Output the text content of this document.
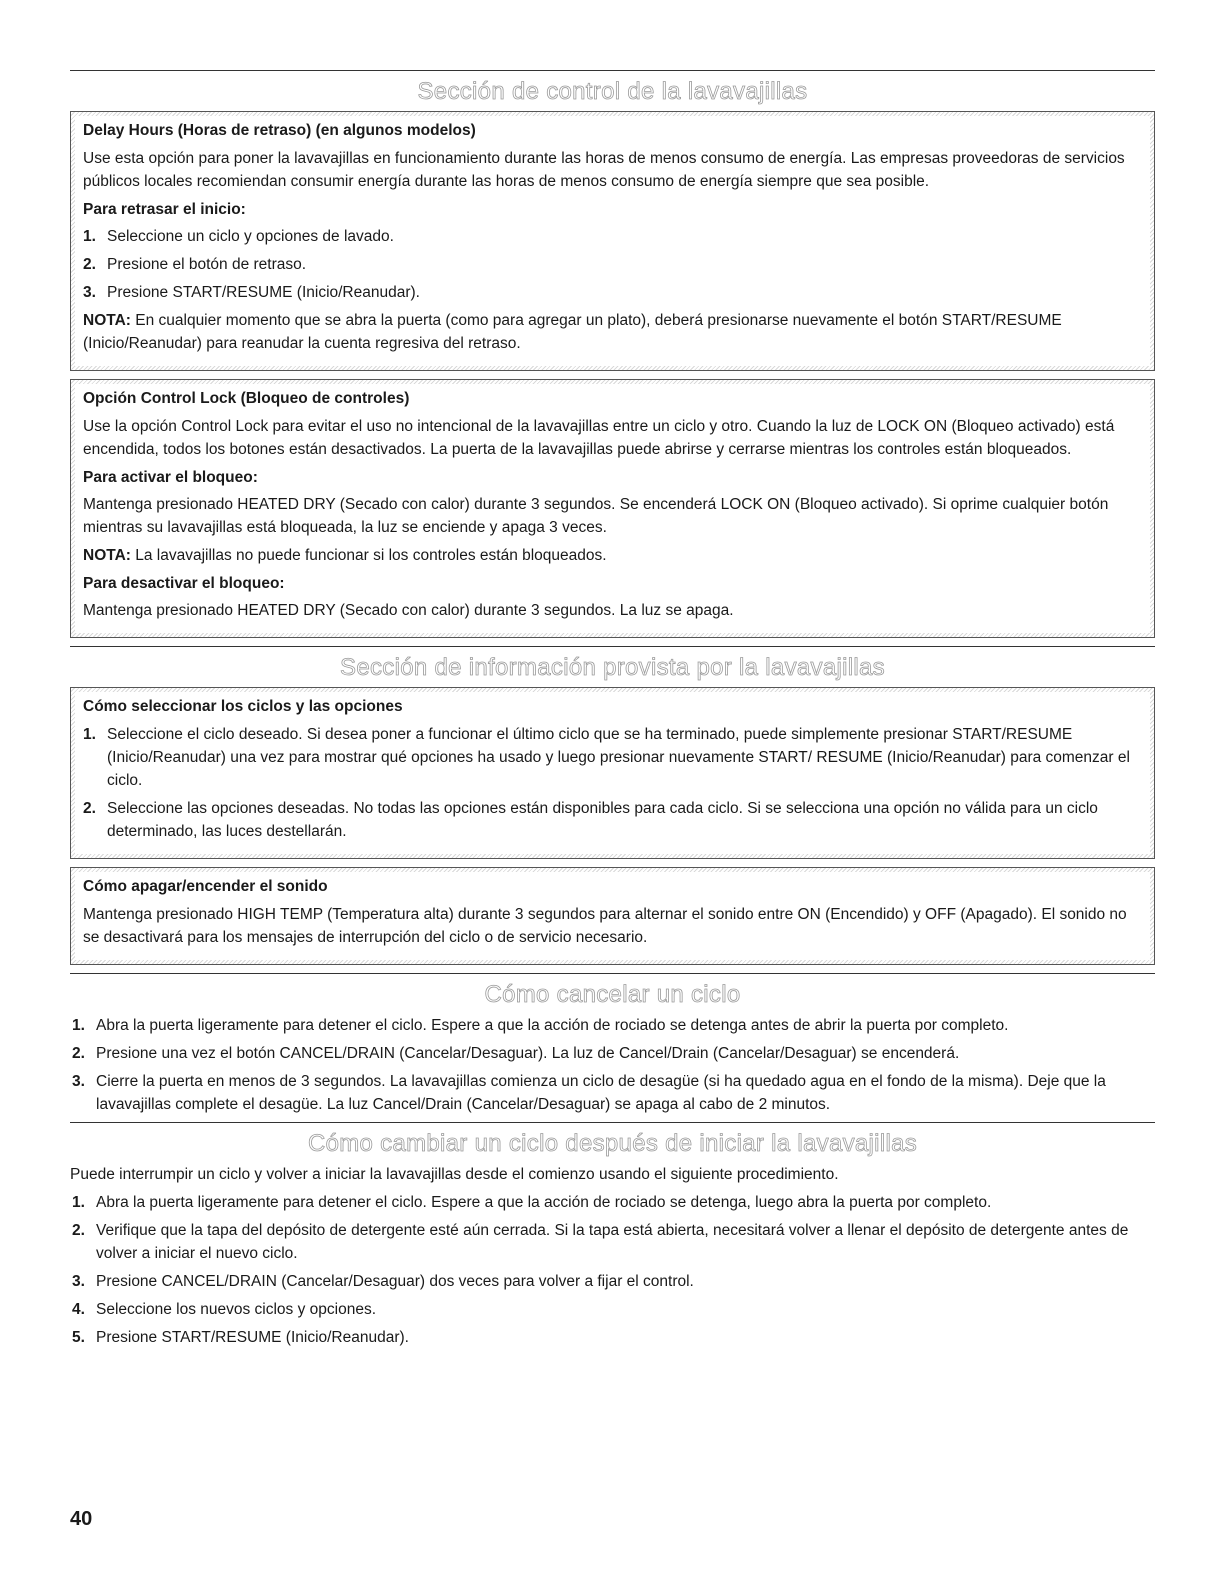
Sección de control de la lavavajillas
Delay Hours (Horas de retraso) (en algunos modelos)

Use esta opción para poner la lavavajillas en funcionamiento durante las horas de menos consumo de energía. Las empresas proveedoras de servicios públicos locales recomiendan consumir energía durante las horas de menos consumo de energía siempre que sea posible.

Para retrasar el inicio:
1. Seleccione un ciclo y opciones de lavado.
2. Presione el botón de retraso.
3. Presione START/RESUME (Inicio/Reanudar).

NOTA: En cualquier momento que se abra la puerta (como para agregar un plato), deberá presionarse nuevamente el botón START/RESUME (Inicio/Reanudar) para reanudar la cuenta regresiva del retraso.

Opción Control Lock (Bloqueo de controles)

Use la opción Control Lock para evitar el uso no intencional de la lavavajillas entre un ciclo y otro. Cuando la luz de LOCK ON (Bloqueo activado) está encendida, todos los botones están desactivados. La puerta de la lavavajillas puede abrirse y cerrarse mientras los controles están bloqueados.

Para activar el bloqueo:

Mantenga presionado HEATED DRY (Secado con calor) durante 3 segundos. Se encenderá LOCK ON (Bloqueo activado). Si oprime cualquier botón mientras su lavavajillas está bloqueada, la luz se enciende y apaga 3 veces.

NOTA: La lavavajillas no puede funcionar si los controles están bloqueados.

Para desactivar el bloqueo:

Mantenga presionado HEATED DRY (Secado con calor) durante 3 segundos. La luz se apaga.

Sección de información provista por la lavavajillas
Cómo seleccionar los ciclos y las opciones
1. Seleccione el ciclo deseado. Si desea poner a funcionar el último ciclo que se ha terminado, puede simplemente presionar START/RESUME (Inicio/Reanudar) una vez para mostrar qué opciones ha usado y luego presionar nuevamente START/ RESUME (Inicio/Reanudar) para comenzar el ciclo.
2. Seleccione las opciones deseadas. No todas las opciones están disponibles para cada ciclo. Si se selecciona una opción no válida para un ciclo determinado, las luces destellarán.
Cómo apagar/encender el sonido

Mantenga presionado HIGH TEMP (Temperatura alta) durante 3 segundos para alternar el sonido entre ON (Encendido) y OFF (Apagado). El sonido no se desactivará para los mensajes de interrupción del ciclo o de servicio necesario.

Cómo cancelar un ciclo
1. Abra la puerta ligeramente para detener el ciclo. Espere a que la acción de rociado se detenga antes de abrir la puerta por completo.
2. Presione una vez el botón CANCEL/DRAIN (Cancelar/Desaguar). La luz de Cancel/Drain (Cancelar/Desaguar) se encenderá.
3. Cierre la puerta en menos de 3 segundos. La lavavajillas comienza un ciclo de desagüe (si ha quedado agua en el fondo de la misma). Deje que la lavavajillas complete el desagüe. La luz Cancel/Drain (Cancelar/Desaguar) se apaga al cabo de 2 minutos.
Cómo cambiar un ciclo después de iniciar la lavavajillas

Puede interrumpir un ciclo y volver a iniciar la lavavajillas desde el comienzo usando el siguiente procedimiento.

1. Abra la puerta ligeramente para detener el ciclo. Espere a que la acción de rociado se detenga, luego abra la puerta por completo.
2. Verifique que la tapa del depósito de detergente esté aún cerrada. Si la tapa está abierta, necesitará volver a llenar el depósito de detergente antes de volver a iniciar el nuevo ciclo.
3. Presione CANCEL/DRAIN (Cancelar/Desaguar) dos veces para volver a fijar el control.
4. Seleccione los nuevos ciclos y opciones.
5. Presione START/RESUME (Inicio/Reanudar).
40
